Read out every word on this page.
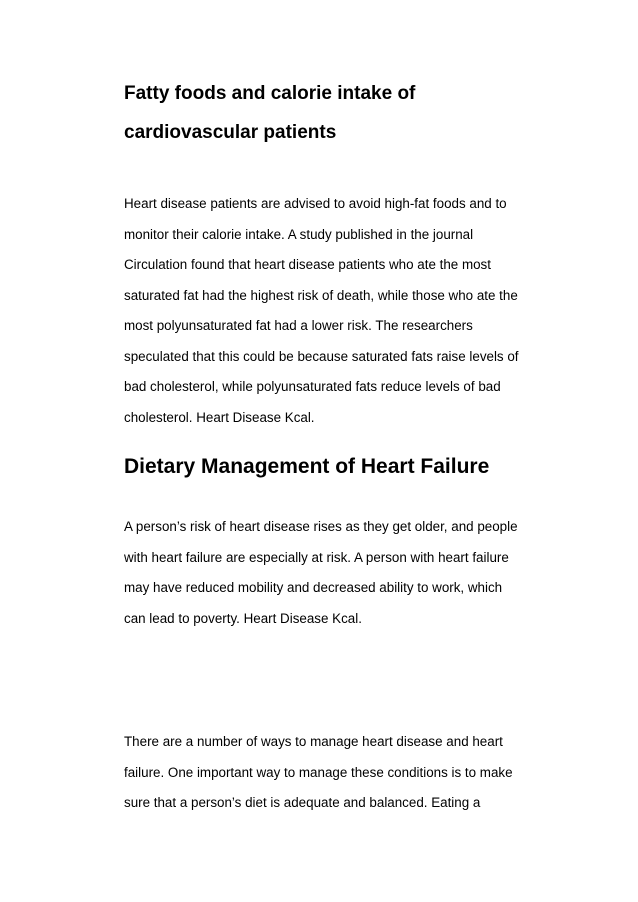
Fatty foods and calorie intake of
cardiovascular patients

Heart disease patients are advised to avoid high-fat foods and to
monitor their calorie intake. A study published in the journal
Circulation found that heart disease patients who ate the most
saturated fat had the highest risk of death, while those who ate the
most polyunsaturated fat had a lower risk. The researchers
speculated that this could be because saturated fats raise levels of
bad cholesterol, while polyunsaturated fats reduce levels of bad
cholesterol. Heart Disease Kcal.

Dietary Management of Heart Failure

A person’s risk of heart disease rises as they get older, and people
with heart failure are especially at risk. A person with heart failure
may have reduced mobility and decreased ability to work, which
can lead to poverty. Heart Disease Kcal.

There are a number of ways to manage heart disease and heart
failure. One important way to manage these conditions is to make
sure that a person’s diet is adequate and balanced. Eating a
